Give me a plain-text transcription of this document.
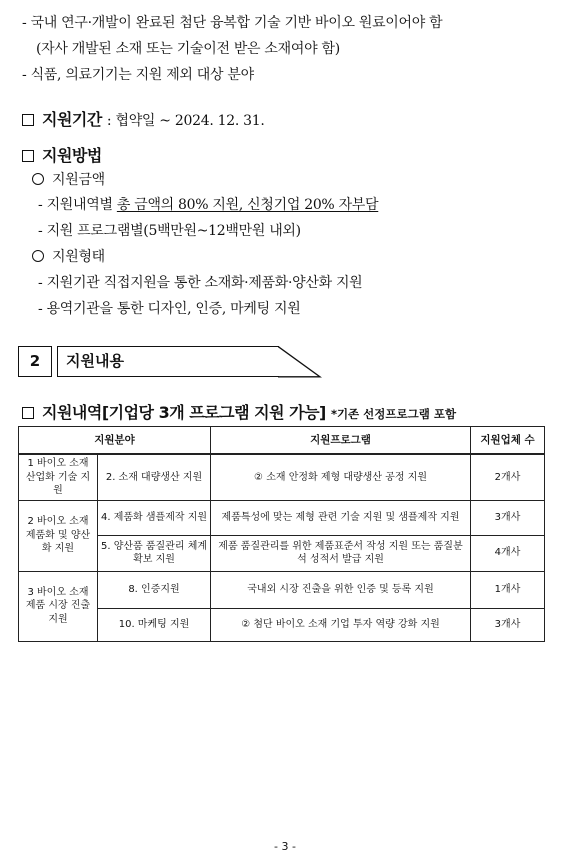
- 국내 연구·개발이 완료된 첨단 융복합 기술 기반 바이오 원료이어야 함
(자사 개발된 소재 또는 기술이전 받은 소재여야 함)
- 식품, 의료기기는 지원 제외 대상 분야
지원기간 : 협약일 ~ 2024. 12. 31.
지원방법
지원금액
- 지원내역별 총 금액의 80% 지원, 신청기업 20% 자부담
- 지원 프로그램별(5백만원~12백만원 내외)
지원형태
- 지원기관 직접지원을 통한 소재화·제품화·양산화 지원
- 용역기관을 통한 디자인, 인증, 마케팅 지원
2	지원내용
지원내역[기업당 3개 프로그램 지원 가능] *기존 선정프로그램 포함
지원분야		지원프로그램	지원업체 수
1 바이오 소재 산업화 기술 지원	2. 소재 대량생산 지원	② 소재 안정화 제형 대량생산 공정 지원	2개사
2 바이오 소재 제품화 및 양산화 지원	4. 제품화 샘플제작 지원	제품특성에 맞는 제형 관련 기술 지원 및 샘플제작 지원	3개사
	5. 양산품 품질관리 체계 확보 지원	제품 품질관리를 위한 제품표준서 작성 지원 또는 품질분석 성적서 발급 지원	4개사
3 바이오 소재 제품 시장 진출 지원	8. 인증지원	국내외 시장 진출을 위한 인증 및 등록 지원	1개사
	10. 마케팅 지원	② 첨단 바이오 소재 기업 투자 역량 강화 지원	3개사
- 3 -
